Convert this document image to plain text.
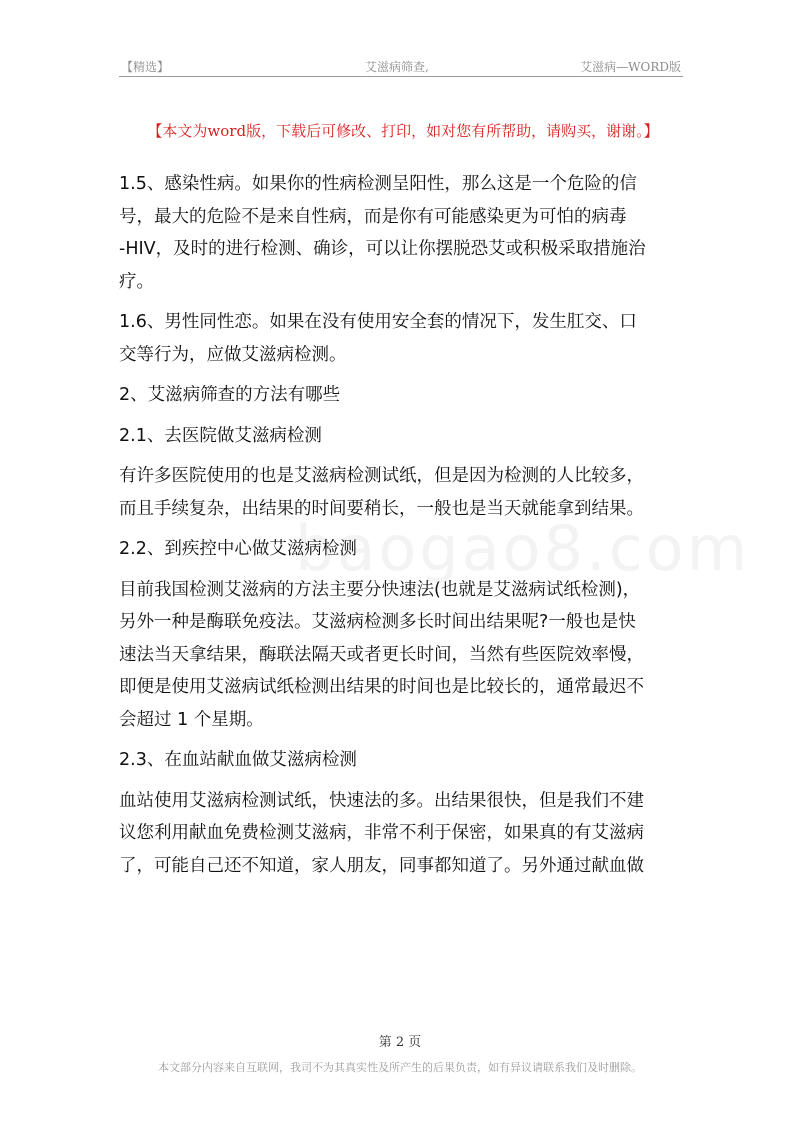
【精选】	艾滋病筛查,	艾滋病—WORD版
【本文为word版，下载后可修改、打印，如对您有所帮助，请购买，谢谢。】
baogao8.com
1.5、感染性病。如果你的性病检测呈阳性，那么这是一个危险的信
号，最大的危险不是来自性病，而是你有可能感染更为可怕的病毒
-HIV，及时的进行检测、确诊，可以让你摆脱恐艾或积极采取措施治
疗。
1.6、男性同性恋。如果在没有使用安全套的情况下，发生肛交、口
交等行为，应做艾滋病检测。
2、艾滋病筛查的方法有哪些
2.1、去医院做艾滋病检测
有许多医院使用的也是艾滋病检测试纸，但是因为检测的人比较多，
而且手续复杂，出结果的时间要稍长，一般也是当天就能拿到结果。
2.2、到疾控中心做艾滋病检测
目前我国检测艾滋病的方法主要分快速法(也就是艾滋病试纸检测)，
另外一种是酶联免疫法。艾滋病检测多长时间出结果呢?一般也是快
速法当天拿结果，酶联法隔天或者更长时间，当然有些医院效率慢，
即便是使用艾滋病试纸检测出结果的时间也是比较长的，通常最迟不
会超过 1 个星期。
2.3、在血站献血做艾滋病检测
血站使用艾滋病检测试纸，快速法的多。出结果很快，但是我们不建
议您利用献血免费检测艾滋病，非常不利于保密，如果真的有艾滋病
了，可能自己还不知道，家人朋友，同事都知道了。另外通过献血做
第 2 页
本文部分内容来自互联网，我司不为其真实性及所产生的后果负责，如有异议请联系我们及时删除。
